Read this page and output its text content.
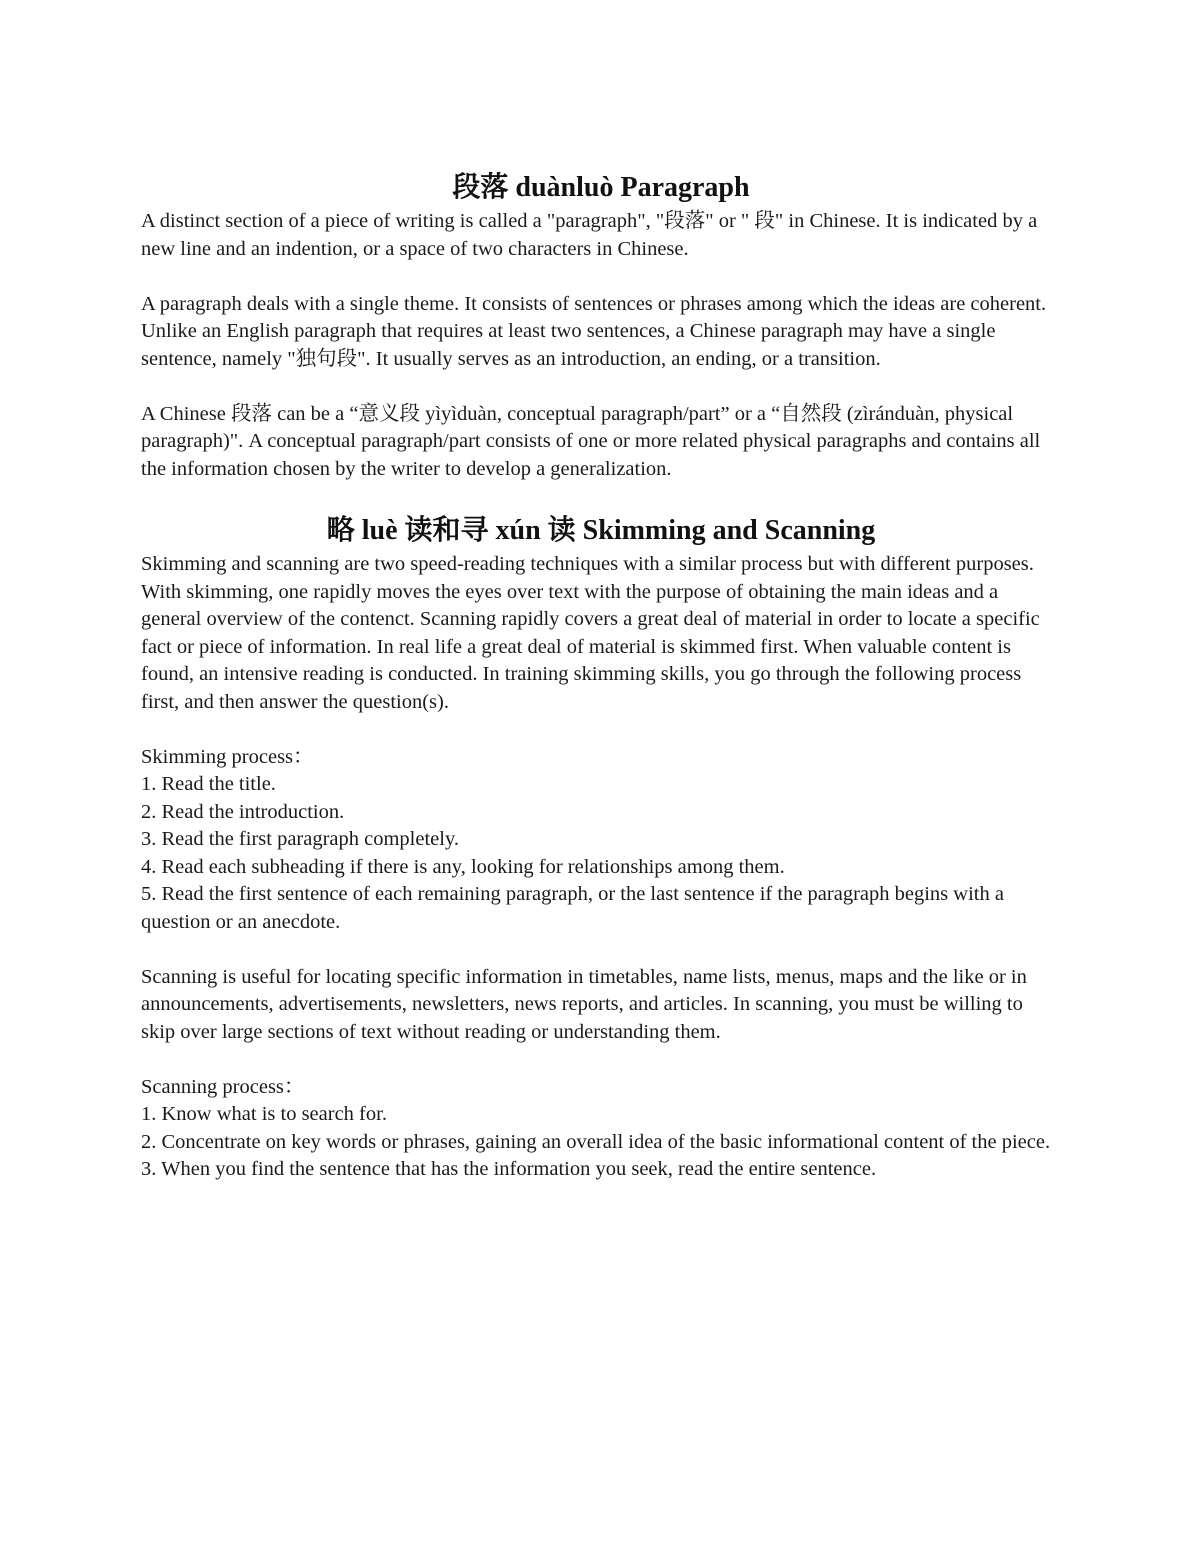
段落 duànluò Paragraph

A distinct section of a piece of writing is called a "paragraph", "段落" or " 段" in Chinese. It is indicated by a new line and an indention, or a space of two characters in Chinese.

A paragraph deals with a single theme. It consists of sentences or phrases among which the ideas are coherent. Unlike an English paragraph that requires at least two sentences, a Chinese paragraph may have a single sentence, namely "独句段". It usually serves as an introduction, an ending, or a transition.

A Chinese 段落 can be a “意义段 yìyìduàn, conceptual paragraph/part” or a “自然段 (zìránduàn, physical paragraph)". A conceptual paragraph/part consists of one or more related physical paragraphs and contains all the information chosen by the writer to develop a generalization.

略 luè 读和寻 xún 读 Skimming and Scanning

Skimming and scanning are two speed-reading techniques with a similar process but with different purposes. With skimming, one rapidly moves the eyes over text with the purpose of obtaining the main ideas and a general overview of the contenct. Scanning rapidly covers a great deal of material in order to locate a specific fact or piece of information. In real life a great deal of material is skimmed first. When valuable content is found, an intensive reading is conducted. In training skimming skills, you go through the following process first, and then answer the question(s).

Skimming process：

1. Read the title.
2. Read the introduction.
3. Read the first paragraph completely.
4. Read each subheading if there is any, looking for relationships among them.
5. Read the first sentence of each remaining paragraph, or the last sentence if the paragraph begins with a question or an anecdote.

Scanning is useful for locating specific information in timetables, name lists, menus, maps and the like or in announcements, advertisements, newsletters, news reports, and articles. In scanning, you must be willing to skip over large sections of text without reading or understanding them.

Scanning process：

1. Know what is to search for.
2. Concentrate on key words or phrases, gaining an overall idea of the basic informational content of the piece.
3. When you find the sentence that has the information you seek, read the entire sentence.
